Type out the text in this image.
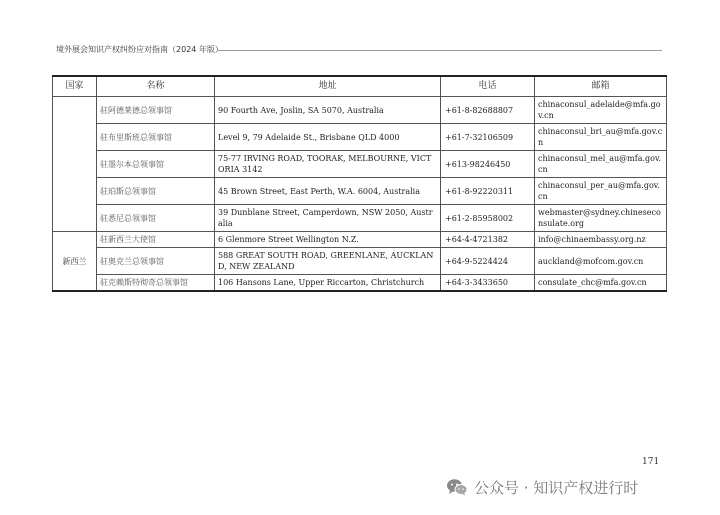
境外展会知识产权纠纷应对指南（2024 年版）
国家	名称	地址	电话	邮箱
	驻阿德莱德总领事馆	90 Fourth Ave, Joslin, SA 5070, Australia	+61-8-82688807	chinaconsul_adelaide@mfa.gov.cn
	驻布里斯班总领事馆	Level 9, 79 Adelaide St., Brisbane QLD 4000	+61-7-32106509	chinaconsul_bri_au@mfa.gov.cn
	驻墨尔本总领事馆	75-77 IRVING ROAD, TOORAK, MELBOURNE, VICTORIA 3142	+613-98246450	chinaconsul_mel_au@mfa.gov.cn
	驻珀斯总领事馆	45 Brown Street, East Perth, W.A. 6004, Australia	+61-8-92220311	chinaconsul_per_au@mfa.gov.cn
	驻悉尼总领事馆	39 Dunblane Street, Camperdown, NSW 2050, Australia	+61-2-85958002	webmaster@sydney.chineseconsulate.org
新西兰	驻新西兰大使馆	6 Glenmore Street Wellington N.Z.	+64-4-4721382	info@chinaembassy.org.nz
	驻奥克兰总领事馆	588 GREAT SOUTH ROAD, GREENLANE, AUCKLAND, NEW ZEALAND	+64-9-5224424	auckland@mofcom.gov.cn
	驻克赖斯特彻奇总领事馆	106 Hansons Lane, Upper Riccarton, Christchurch	+64-3-3433650	consulate_chc@mfa.gov.cn
171
公众号 · 知识产权进行时
